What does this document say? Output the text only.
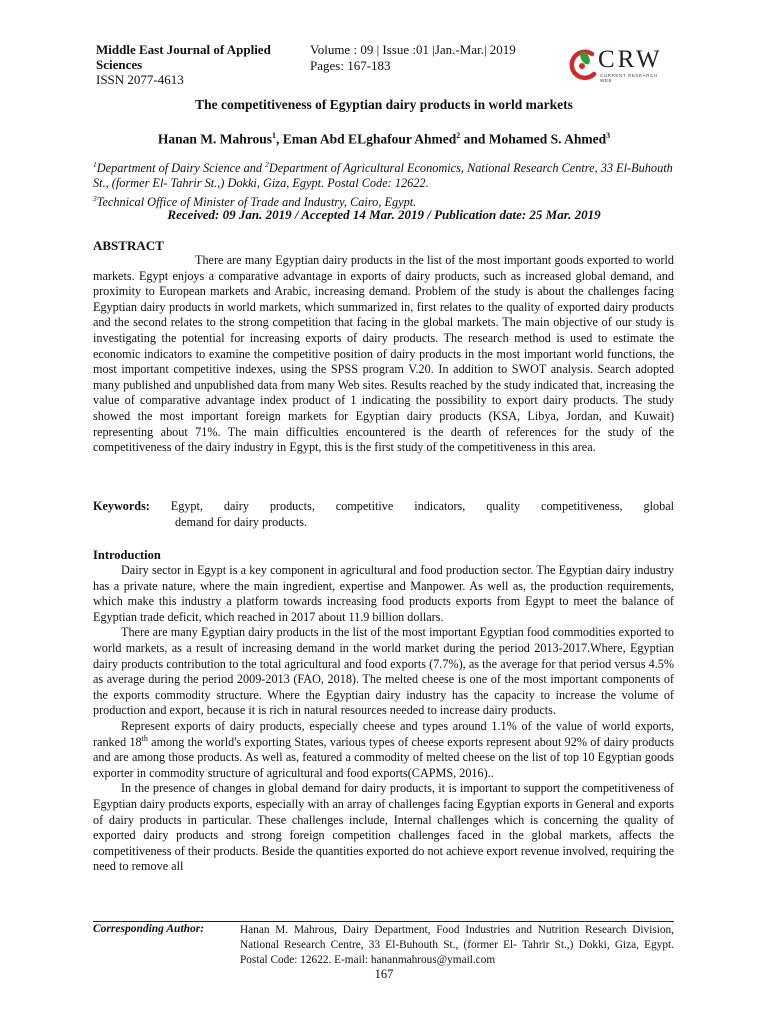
Middle East Journal of Applied
Sciences
ISSN 2077-4613
Volume : 09 | Issue :01 |Jan.-Mar.| 2019
Pages: 167-183	CRW
CURRENT RESEARCH WEB
The competitiveness of Egyptian dairy products in world markets
Hanan M. Mahrous$^1$, Eman Abd ELghafour Ahmed$^2$ and Mohamed S. Ahmed$^3$
$^1$Department of Dairy Science and $^2$Department of Agricultural Economics, National Research Centre, 33 El-Buhouth St., (former El- Tahrir St.,) Dokki, Giza, Egypt. Postal Code: 12622.
$^3$Technical Office of Minister of Trade and Industry, Cairo, Egypt.
Received: 09 Jan. 2019 / Accepted 14 Mar. 2019 / Publication date: 25 Mar. 2019
ABSTRACT
There are many Egyptian dairy products in the list of the most important goods exported to world markets. Egypt enjoys a comparative advantage in exports of dairy products, such as increased global demand, and proximity to European markets and Arabic, increasing demand. Problem of the study is about the challenges facing Egyptian dairy products in world markets, which summarized in, first relates to the quality of exported dairy products and the second relates to the strong competition that facing in the global markets. The main objective of our study is investigating the potential for increasing exports of dairy products. The research method is used to estimate the economic indicators to examine the competitive position of dairy products in the most important world functions, the most important competitive indexes, using the SPSS program V.20. In addition to SWOT analysis. Search adopted many published and unpublished data from many Web sites. Results reached by the study indicated that, increasing the value of comparative advantage index product of 1 indicating the possibility to export dairy products. The study showed the most important foreign markets for Egyptian dairy products (KSA, Libya, Jordan, and Kuwait) representing about 71%. The main difficulties encountered is the dearth of references for the study of the competitiveness of the dairy industry in Egypt, this is the first study of the competitiveness in this area.
Keywords: Egypt, dairy products, competitive indicators, quality competitiveness, global
demand for dairy products.
Introduction

Dairy sector in Egypt is a key component in agricultural and food production sector. The Egyptian dairy industry has a private nature, where the main ingredient, expertise and Manpower. As well as, the production requirements, which make this industry a platform towards increasing food products exports from Egypt to meet the balance of Egyptian trade deficit, which reached in 2017 about 11.9 billion dollars.

There are many Egyptian dairy products in the list of the most important Egyptian food commodities exported to world markets, as a result of increasing demand in the world market during the period 2013-2017.Where, Egyptian dairy products contribution to the total agricultural and food exports (7.7%), as the average for that period versus 4.5% as average during the period 2009-2013 (FAO, 2018). The melted cheese is one of the most important components of the exports commodity structure. Where the Egyptian dairy industry has the capacity to increase the volume of production and export, because it is rich in natural resources needed to increase dairy products.

Represent exports of dairy products, especially cheese and types around 1.1% of the value of world exports, ranked 18th among the world's exporting States, various types of cheese exports represent about 92% of dairy products and are among those products. As well as, featured a commodity of melted cheese on the list of top 10 Egyptian goods exporter in commodity structure of agricultural and food exports(CAPMS, 2016)..

In the presence of changes in global demand for dairy products, it is important to support the competitiveness of Egyptian dairy products exports, especially with an array of challenges facing Egyptian exports in General and exports of dairy products in particular. These challenges include, Internal challenges which is concerning the quality of exported dairy products and strong foreign competition challenges faced in the global markets, affects the competitiveness of their products. Beside the quantities exported do not achieve export revenue involved, requiring the need to remove all

Corresponding Author:	Hanan M. Mahrous, Dairy Department, Food Industries and Nutrition Research Division, National Research Centre, 33 El-Buhouth St., (former El- Tahrir St.,) Dokki, Giza, Egypt. Postal Code: 12622. E-mail: hananmahrous@ymail.com
167
